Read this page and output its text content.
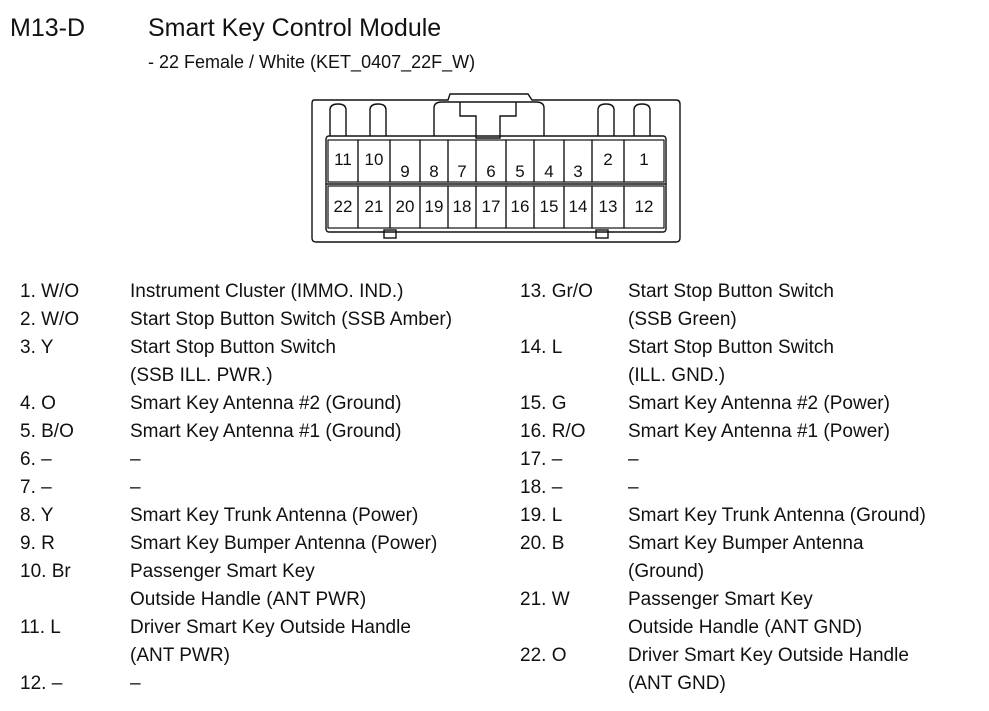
M13-D	Smart Key Control Module
- 22 Female / White (KET_0407_22F_W)
11 10
9 8 7 6 5 4 3
2 1
22 21 20 19 18 17 16 15 14 13 12
1. W/O	Instrument Cluster (IMMO. IND.)
2. W/O	Start Stop Button Switch (SSB Amber)
3. Y	Start Stop Button Switch
(SSB ILL. PWR.)
4. O	Smart Key Antenna #2 (Ground)
5. B/O	Smart Key Antenna #1 (Ground)
6. –	–
7. –	–
8. Y	Smart Key Trunk Antenna (Power)
9. R	Smart Key Bumper Antenna (Power)
10. Br	Passenger Smart Key
Outside Handle (ANT PWR)
11. L	Driver Smart Key Outside Handle
(ANT PWR)
12. –	–
13. Gr/O Start Stop Button Switch
(SSB Green)
14. L	Start Stop Button Switch
(ILL. GND.)
15. G	Smart Key Antenna #2 (Power)
16. R/O Smart Key Antenna #1 (Power)
17. –	–
18. –	–
19. L	Smart Key Trunk Antenna (Ground)
20. B	Smart Key Bumper Antenna
(Ground)
21. W	Passenger Smart Key
Outside Handle (ANT GND)
22. O	Driver Smart Key Outside Handle
(ANT GND)
